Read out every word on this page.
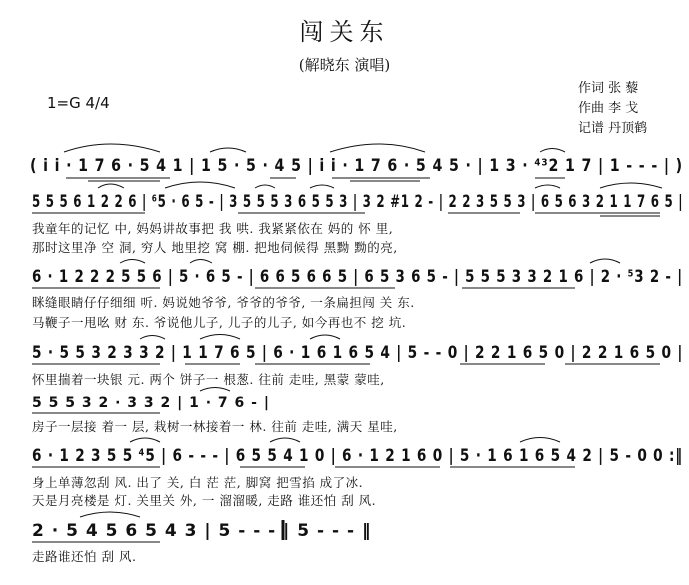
闯关东
(解晓东 演唱)
1=G 4/4
作词 张 藜
作曲 李 戈
记谱 丹顶鹤
( i i · 1 7 6 · 5 4 1 | 1 5 · 5 · 4 5 | i i · 1 7 6 · 5 4 5 · | 1 3 · ⁴³2 1 7 | 1 - - - | )
5 5 5 6 1 2 2 6 | ⁶5 · 6 5 - | 3 5 5 5 3 6 5 5 3 | 3 2 #1 2 - | 2 2 3 5 5 3 | 6 5 6 3 2 1 1 7 6 5 |
我童年的记忆 中, 妈妈讲故事把 我 哄. 我紧紧依在 妈的 怀 里,
那时这里净 空 洞, 穷人 地里挖 窝 棚. 把地伺候得 黑黝 黝的亮,
6 · 1 2 2 2 5 5 6 | 5 · 6 5 - | 6 6 5 6 6 5 | 6 5 3 6 5 - | 5 5 5 3 3 2 1 6 | 2 · ⁵3 2 - |
眯缝眼睛仔仔细细 听. 妈说她爷爷, 爷爷的爷爷, 一条扁担闯 关 东.
马鞭子一甩吆 财 东. 爷说他儿子, 儿子的儿子, 如今再也不 挖 坑.
5 · 5 5 3 2 3 3 2 | 1 1 7 6 5 | 6 · 1 6 1 6 5 4 | 5 - - 0 | 2 2 1 6 5 0 | 2 2 1 6 5 0 |
怀里揣着一块银 元. 两个 饼子一 根葱. 往前 走哇, 黑蒙 蒙哇,
5 5 5 3 2 · 3 3 2 | 1 · 7 6 - |
房子一层接 着一 层, 栽树一林接着一 林. 往前 走哇, 满天 星哇,
6 · 1 2 3 5 5 ⁴5 | 6 - - - | 6 5 5 4 1 0 | 6 · 1 2 1 6 0 | 5 · 1 6 1 6 5 4 2 | 5 - 0 0 :‖
身上单薄忽刮 风. 出了 关, 白 茫 茫, 脚窝 把雪掐 成了冰.
天是月亮楼是 灯. 关里关 外, 一 溜溜暖, 走路 谁还怕 刮 风.
2 · 5 4 5 6 5 4 3 | 5 - - - | 5 - - - ‖
走路谁还怕 刮 风.
